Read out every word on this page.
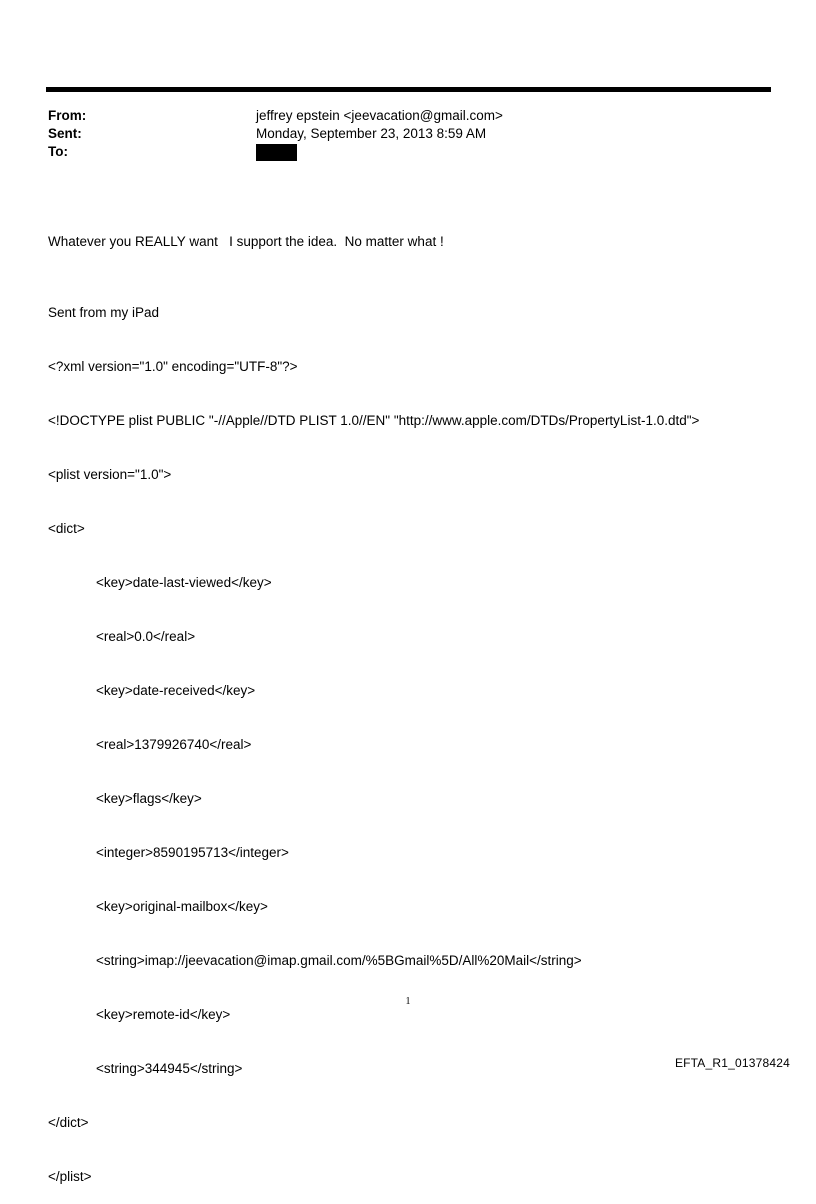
From:	jeffrey epstein <jeevacation@gmail.com>
Sent:	Monday, September 23, 2013 8:59 AM
To:

Whatever you REALLY want   I support the idea.  No matter what !

Sent from my iPad

<?xml version="1.0" encoding="UTF-8"?>

<!DOCTYPE plist PUBLIC "-//Apple//DTD PLIST 1.0//EN" "http://www.apple.com/DTDs/PropertyList-1.0.dtd">

<plist version="1.0">

<dict>

<key>date-last-viewed</key>

<real>0.0</real>

<key>date-received</key>

<real>1379926740</real>

<key>flags</key>

<integer>8590195713</integer>

<key>original-mailbox</key>

<string>imap://jeevacation@imap.gmail.com/%5BGmail%5D/All%20Mail</string>

<key>remote-id</key>

<string>344945</string>

</dict>

</plist>

1
EFTA_R1_01378424
